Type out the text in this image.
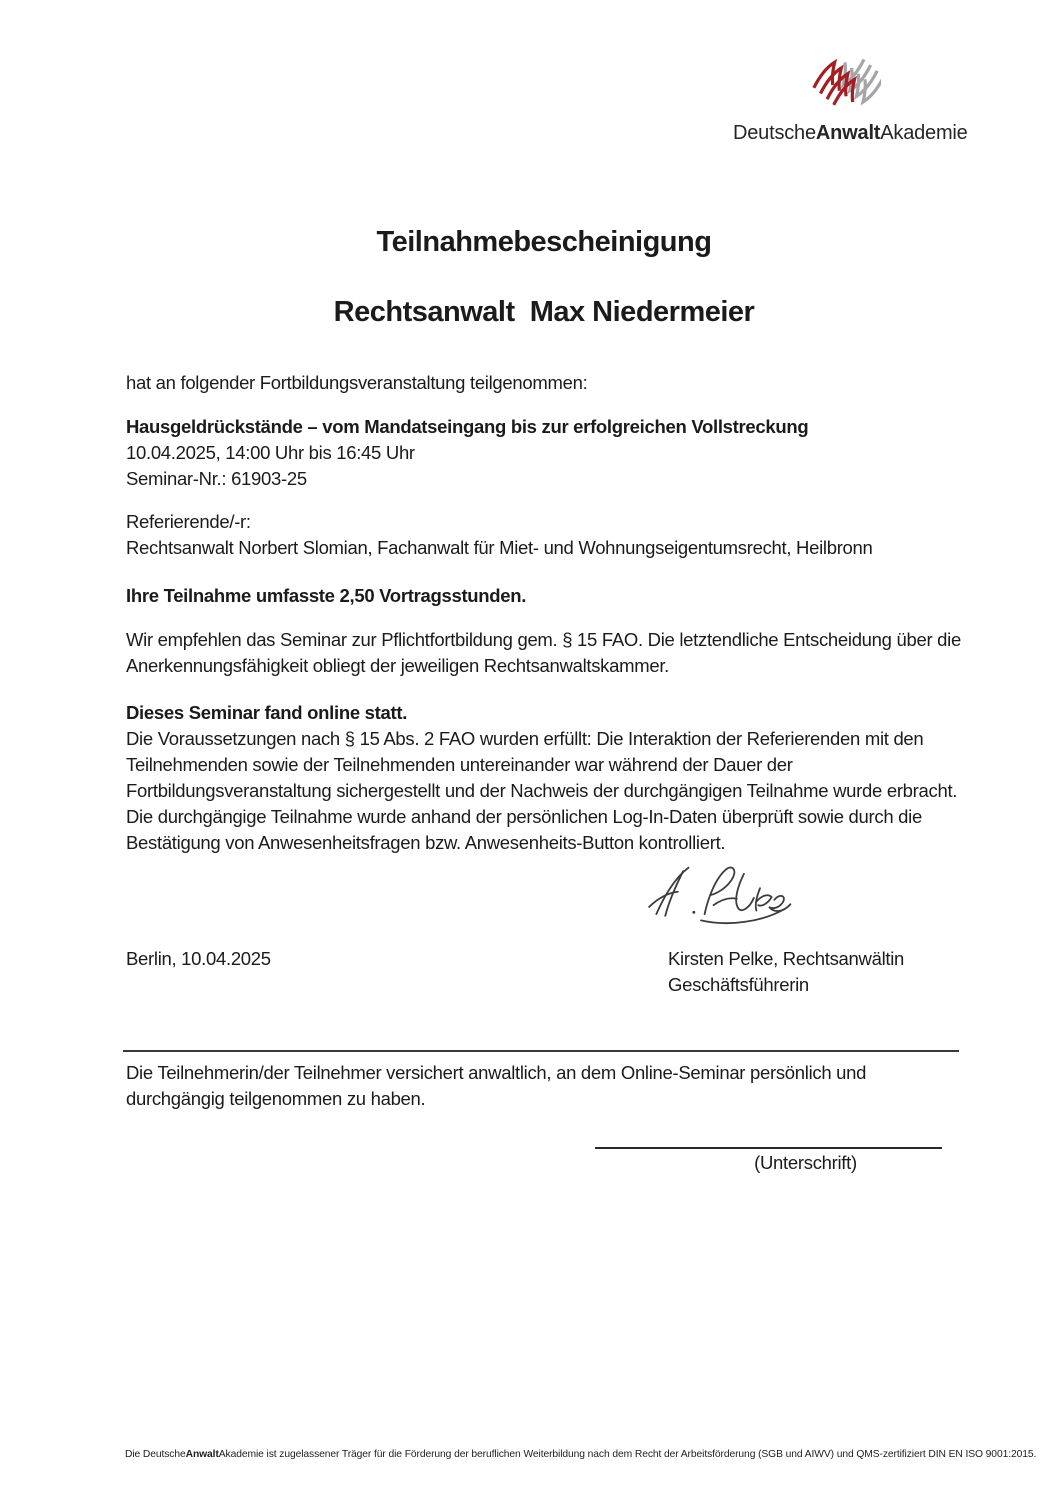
DeutscheAnwaltAkademie
Teilnahmebescheinigung
Rechtsanwalt  Max Niedermeier
hat an folgender Fortbildungsveranstaltung teilgenommen:
Hausgeldrückstände – vom Mandatseingang bis zur erfolgreichen Vollstreckung
10.04.2025, 14:00 Uhr bis 16:45 Uhr
Seminar-Nr.: 61903-25
Referierende/-r:
Rechtsanwalt Norbert Slomian, Fachanwalt für Miet- und Wohnungseigentumsrecht, Heilbronn
Ihre Teilnahme umfasste 2,50 Vortragsstunden.
Wir empfehlen das Seminar zur Pflichtfortbildung gem. § 15 FAO. Die letztendliche Entscheidung über die Anerkennungsfähigkeit obliegt der jeweiligen Rechtsanwaltskammer.
Dieses Seminar fand online statt.
Die Voraussetzungen nach § 15 Abs. 2 FAO wurden erfüllt: Die Interaktion der Referierenden mit den Teilnehmenden sowie der Teilnehmenden untereinander war während der Dauer der Fortbildungsveranstaltung sichergestellt und der Nachweis der durchgängigen Teilnahme wurde erbracht. Die durchgängige Teilnahme wurde anhand der persönlichen Log-In-Daten überprüft sowie durch die Bestätigung von Anwesenheitsfragen bzw. Anwesenheits-Button kontrolliert.
Berlin, 10.04.2025	Kirsten Pelke, Rechtsanwältin
Geschäftsführerin
Die Teilnehmerin/der Teilnehmer versichert anwaltlich, an dem Online-Seminar persönlich und durchgängig teilgenommen zu haben.
(Unterschrift)
Die DeutscheAnwaltAkademie ist zugelassener Träger für die Förderung der beruflichen Weiterbildung nach dem Recht der Arbeitsförderung (SGB und AIWV) und QMS-zertifiziert DIN EN ISO 9001:2015.
